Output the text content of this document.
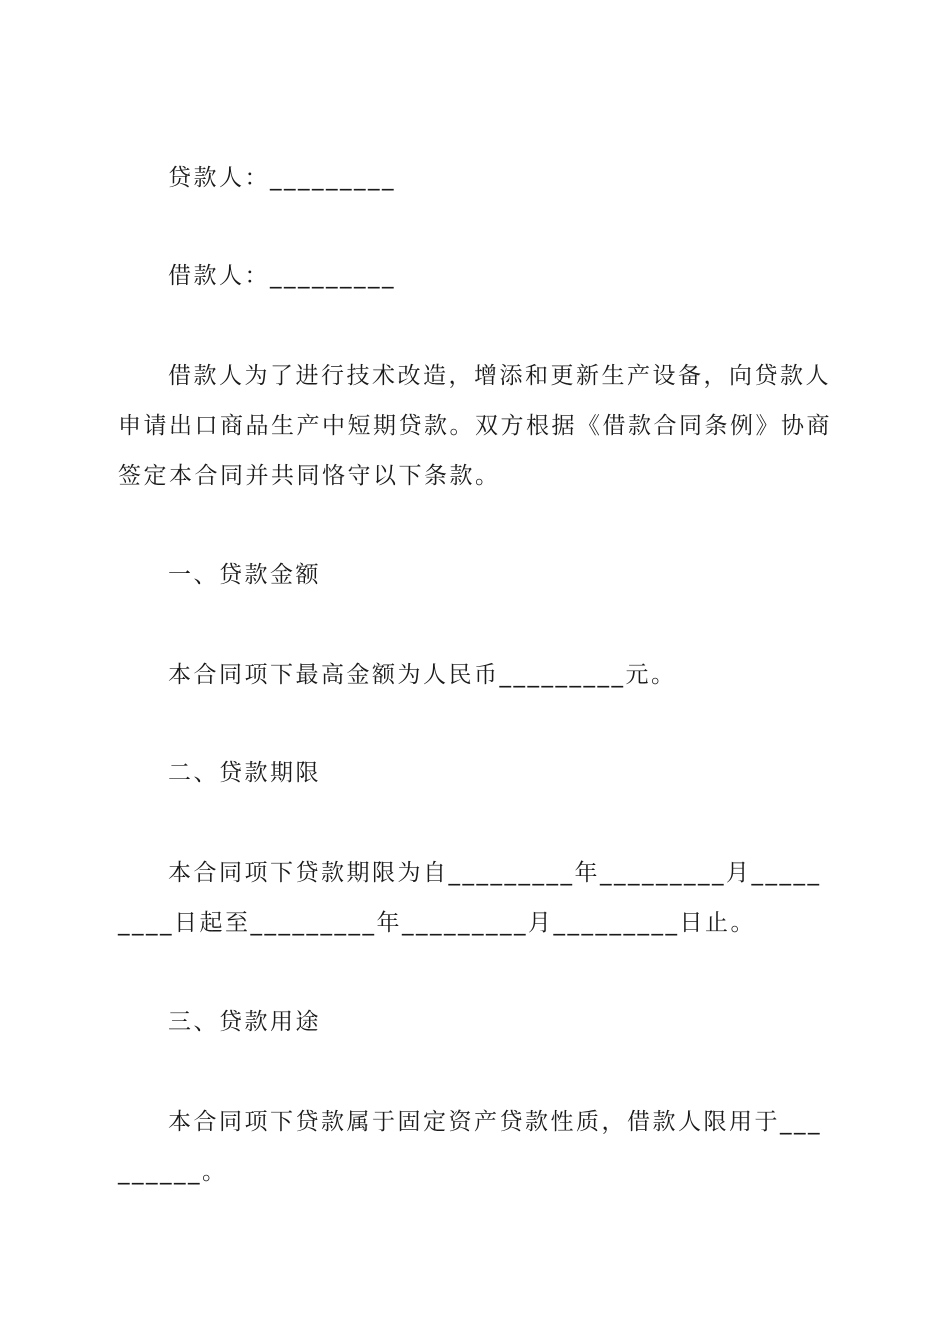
贷款人：_________

借款人：_________

借款人为了进行技术改造，增添和更新生产设备，向贷款人申请出口商品生产中短期贷款。双方根据《借款合同条例》协商签定本合同并共同恪守以下条款。

一、贷款金额

本合同项下最高金额为人民币_________元。

二、贷款期限

本合同项下贷款期限为自_________年_________月_________日起至_________年_________月_________日止。

三、贷款用途

本合同项下贷款属于固定资产贷款性质，借款人限用于_________。
